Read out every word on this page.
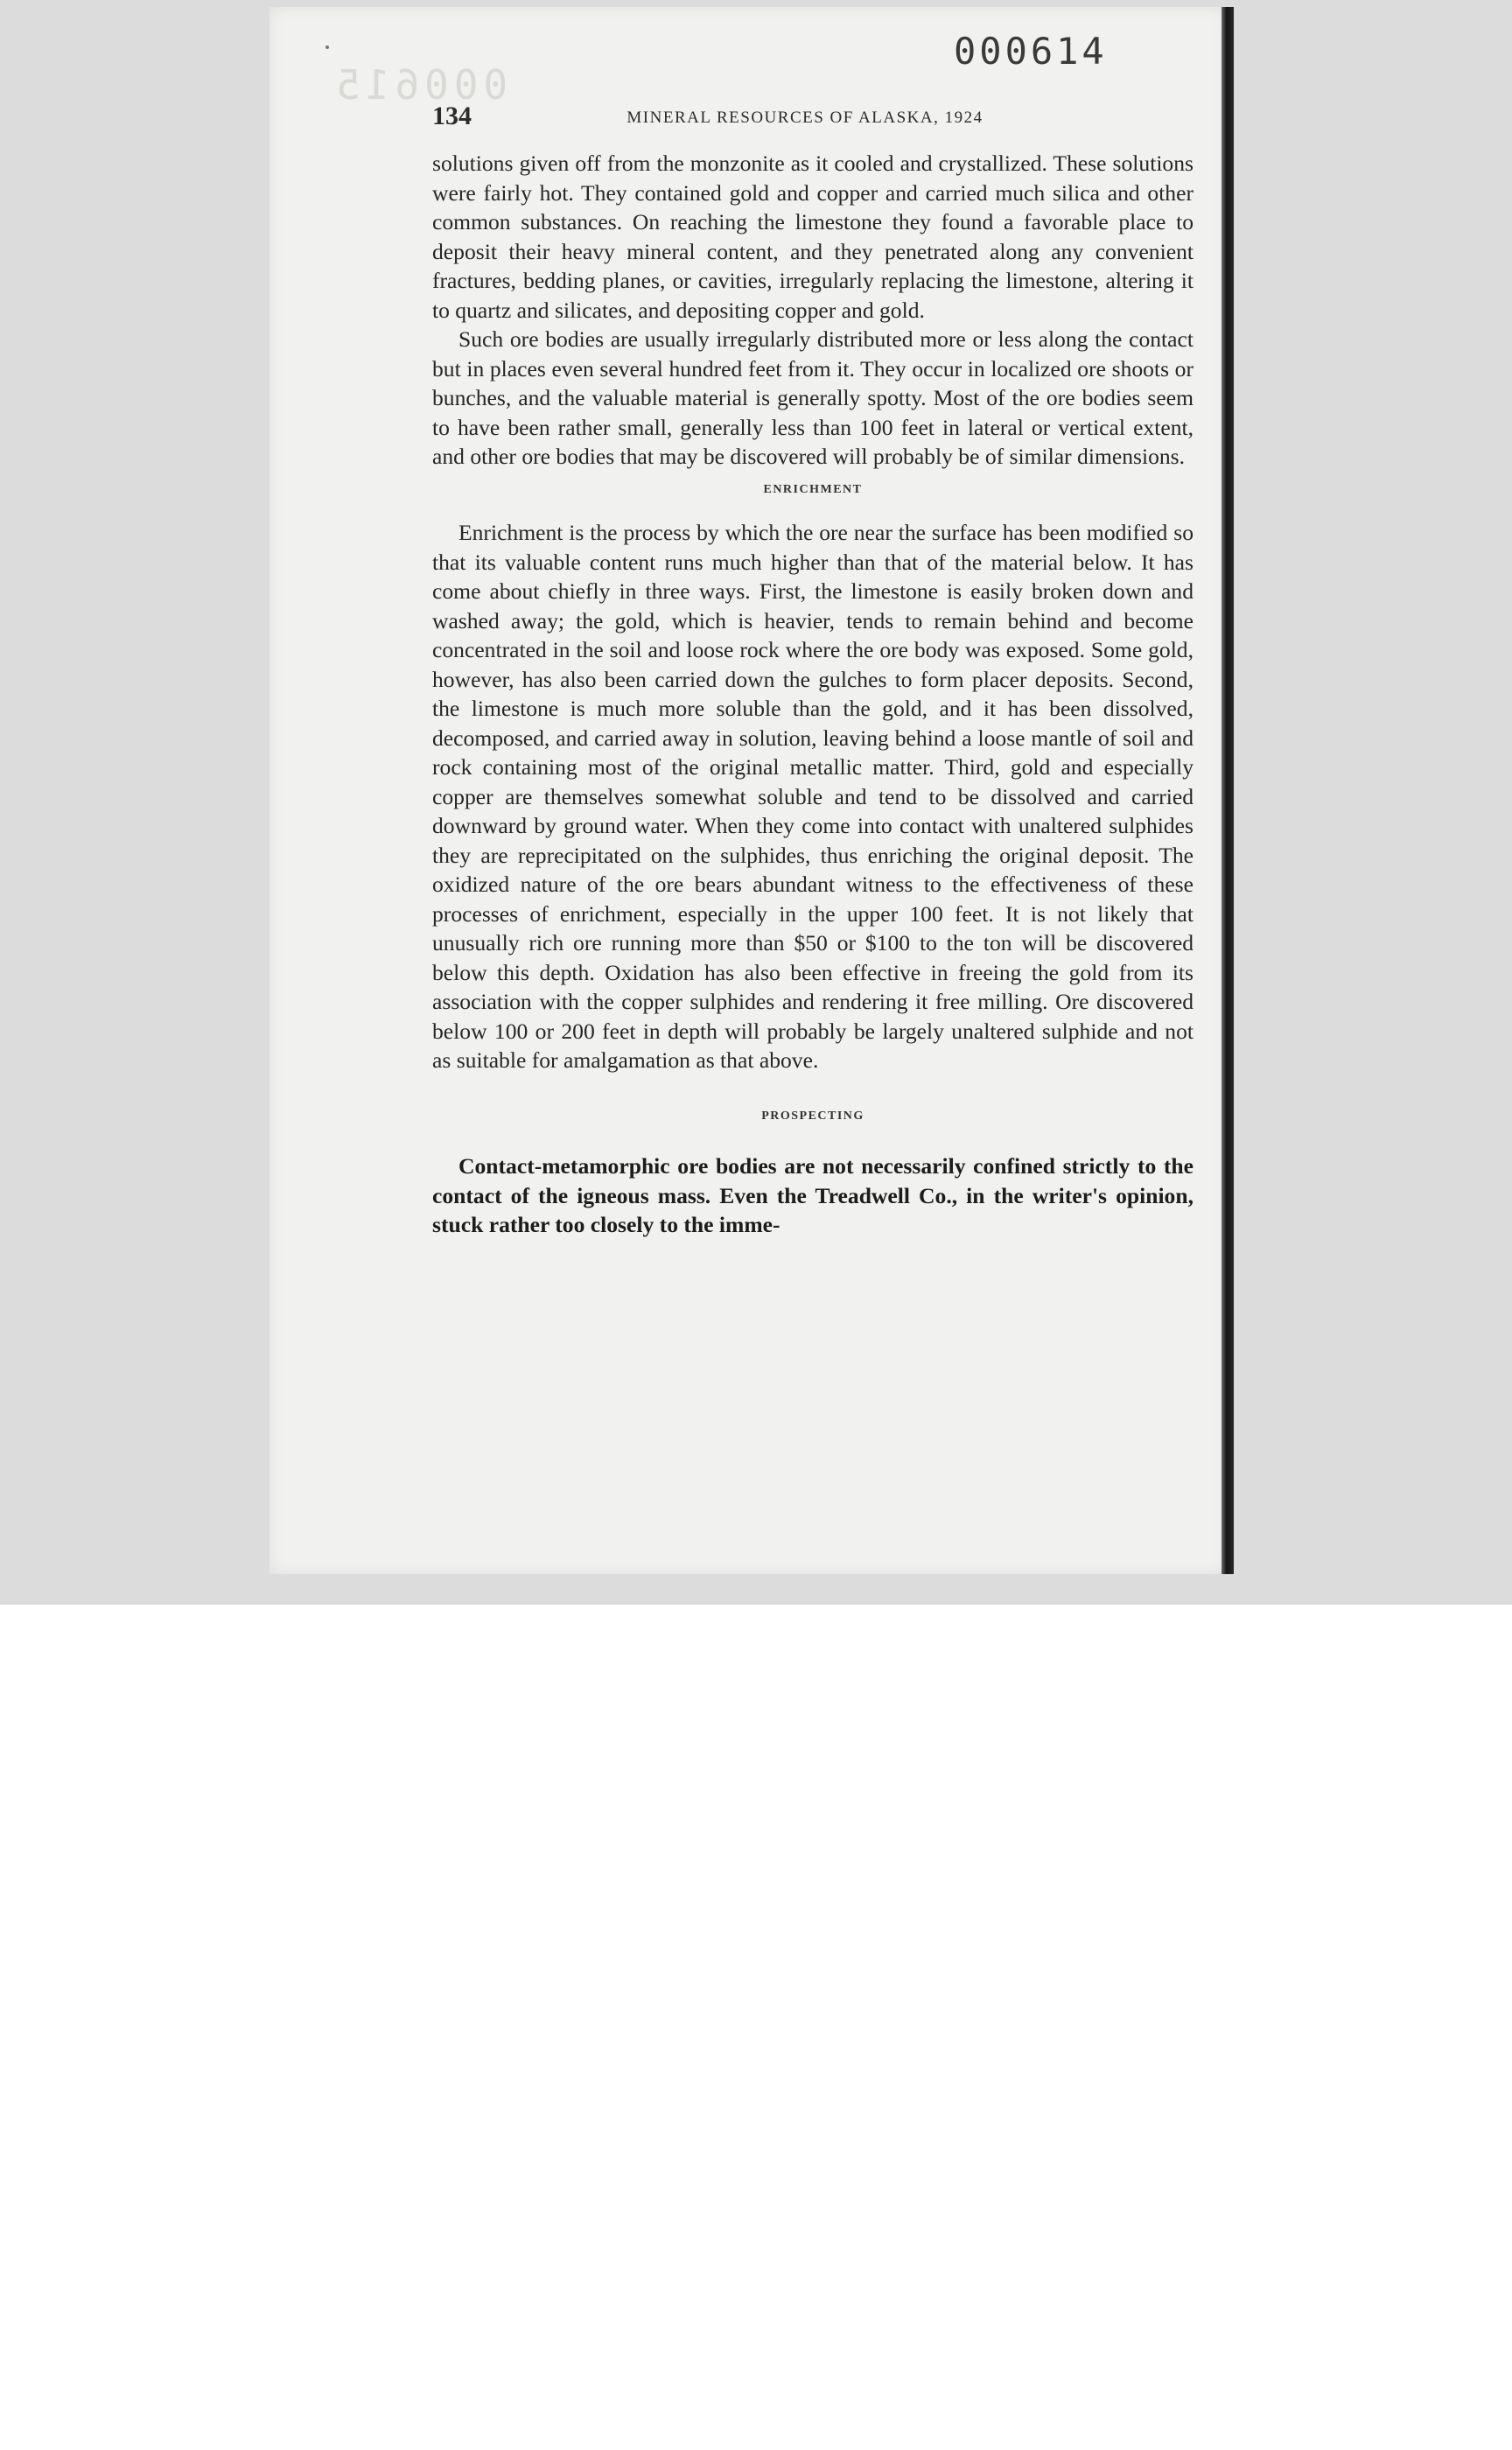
000615
000614
134	MINERAL RESOURCES OF ALASKA, 1924

solutions given off from the monzonite as it cooled and crystallized. These solutions were fairly hot. They contained gold and copper and carried much silica and other common substances. On reaching the limestone they found a favorable place to deposit their heavy mineral content, and they penetrated along any convenient fractures, bedding planes, or cavities, irregularly replacing the limestone, altering it to quartz and silicates, and depositing copper and gold.

Such ore bodies are usually irregularly distributed more or less along the contact but in places even several hundred feet from it. They occur in localized ore shoots or bunches, and the valuable material is generally spotty. Most of the ore bodies seem to have been rather small, generally less than 100 feet in lateral or vertical extent, and other ore bodies that may be discovered will probably be of similar dimensions.

ENRICHMENT

Enrichment is the process by which the ore near the surface has been modified so that its valuable content runs much higher than that of the material below. It has come about chiefly in three ways. First, the limestone is easily broken down and washed away; the gold, which is heavier, tends to remain behind and become concentrated in the soil and loose rock where the ore body was exposed. Some gold, however, has also been carried down the gulches to form placer deposits. Second, the limestone is much more soluble than the gold, and it has been dissolved, decomposed, and carried away in solution, leaving behind a loose mantle of soil and rock containing most of the original metallic matter. Third, gold and especially copper are themselves somewhat soluble and tend to be dissolved and carried downward by ground water. When they come into contact with unaltered sulphides they are reprecipitated on the sulphides, thus enriching the original deposit. The oxidized nature of the ore bears abundant witness to the effectiveness of these processes of enrichment, especially in the upper 100 feet. It is not likely that unusually rich ore running more than $50 or $100 to the ton will be discovered below this depth. Oxidation has also been effective in freeing the gold from its association with the copper sulphides and rendering it free milling. Ore discovered below 100 or 200 feet in depth will probably be largely unaltered sulphide and not as suitable for amalgamation as that above.

PROSPECTING

Contact-metamorphic ore bodies are not necessarily confined strictly to the contact of the igneous mass. Even the Treadwell Co., in the writer's opinion, stuck rather too closely to the imme-
